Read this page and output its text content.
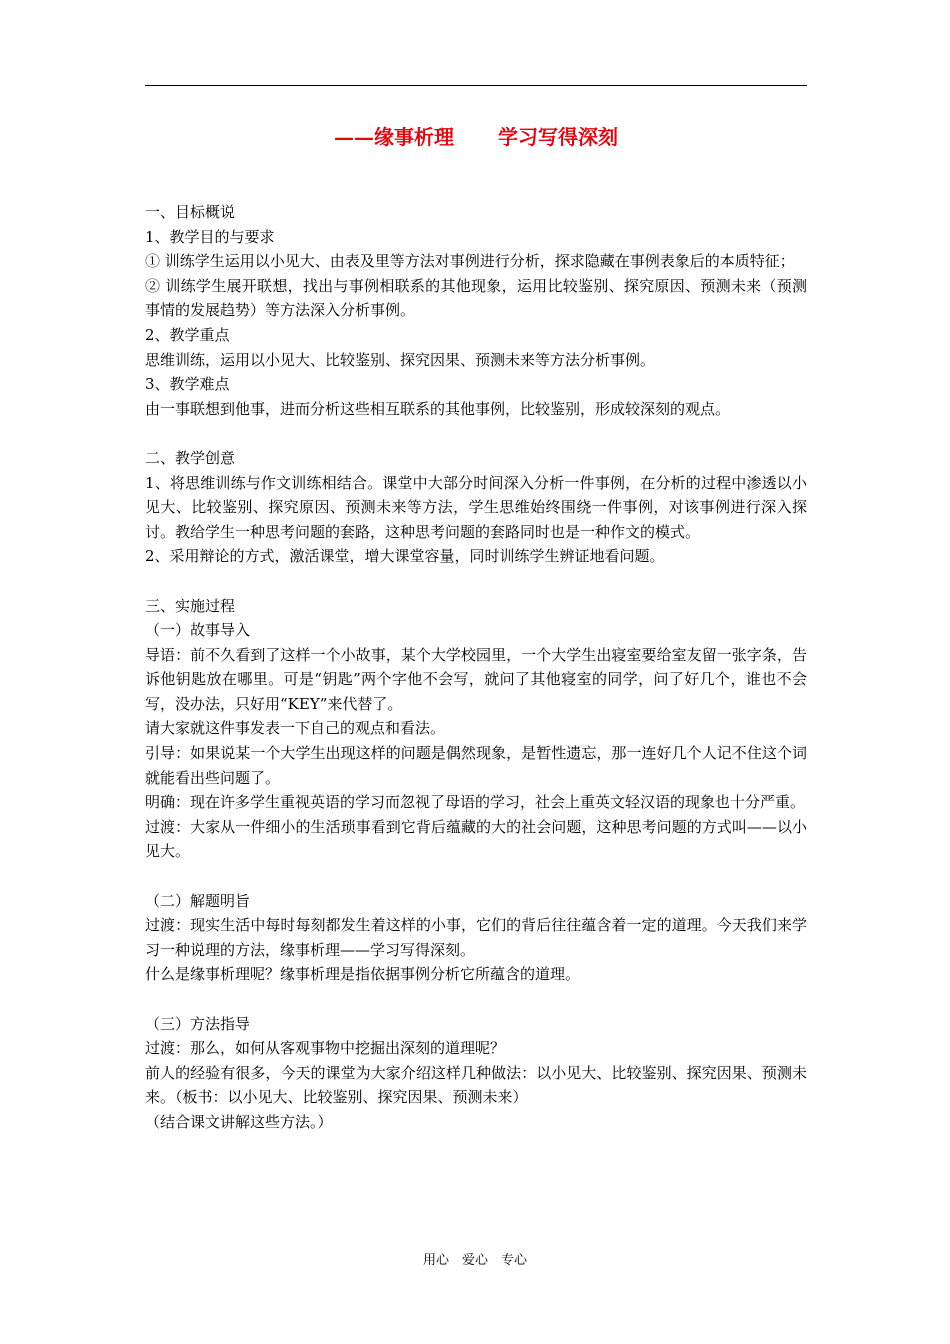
——缘事析理 学习写得深刻

一、目标概说

1、教学目的与要求

① 训练学生运用以小见大、由表及里等方法对事例进行分析，探求隐藏在事例表象后的本质特征；

② 训练学生展开联想，找出与事例相联系的其他现象，运用比较鉴别、探究原因、预测未来（预测事情的发展趋势）等方法深入分析事例。

2、教学重点

思维训练，运用以小见大、比较鉴别、探究因果、预测未来等方法分析事例。

3、教学难点

由一事联想到他事，进而分析这些相互联系的其他事例，比较鉴别，形成较深刻的观点。

二、教学创意

1、将思维训练与作文训练相结合。课堂中大部分时间深入分析一件事例，在分析的过程中渗透以小见大、比较鉴别、探究原因、预测未来等方法，学生思维始终围绕一件事例，对该事例进行深入探讨。教给学生一种思考问题的套路，这种思考问题的套路同时也是一种作文的模式。

2、采用辩论的方式，激活课堂，增大课堂容量，同时训练学生辨证地看问题。

三、实施过程

（一）故事导入

导语：前不久看到了这样一个小故事，某个大学校园里，一个大学生出寝室要给室友留一张字条，告诉他钥匙放在哪里。可是“钥匙”两个字他不会写，就问了其他寝室的同学，问了好几个，谁也不会写，没办法，只好用“KEY”来代替了。

请大家就这件事发表一下自己的观点和看法。

引导：如果说某一个大学生出现这样的问题是偶然现象，是暂性遗忘，那一连好几个人记不住这个词就能看出些问题了。

明确：现在许多学生重视英语的学习而忽视了母语的学习，社会上重英文轻汉语的现象也十分严重。

过渡：大家从一件细小的生活琐事看到它背后蕴藏的大的社会问题，这种思考问题的方式叫——以小见大。

（二）解题明旨

过渡：现实生活中每时每刻都发生着这样的小事，它们的背后往往蕴含着一定的道理。今天我们来学习一种说理的方法，缘事析理——学习写得深刻。

什么是缘事析理呢？缘事析理是指依据事例分析它所蕴含的道理。

（三）方法指导

过渡：那么，如何从客观事物中挖掘出深刻的道理呢？

前人的经验有很多，今天的课堂为大家介绍这样几种做法：以小见大、比较鉴别、探究因果、预测未来。（板书：以小见大、比较鉴别、探究因果、预测未来）

（结合课文讲解这些方法。）

用心　爱心　专心
